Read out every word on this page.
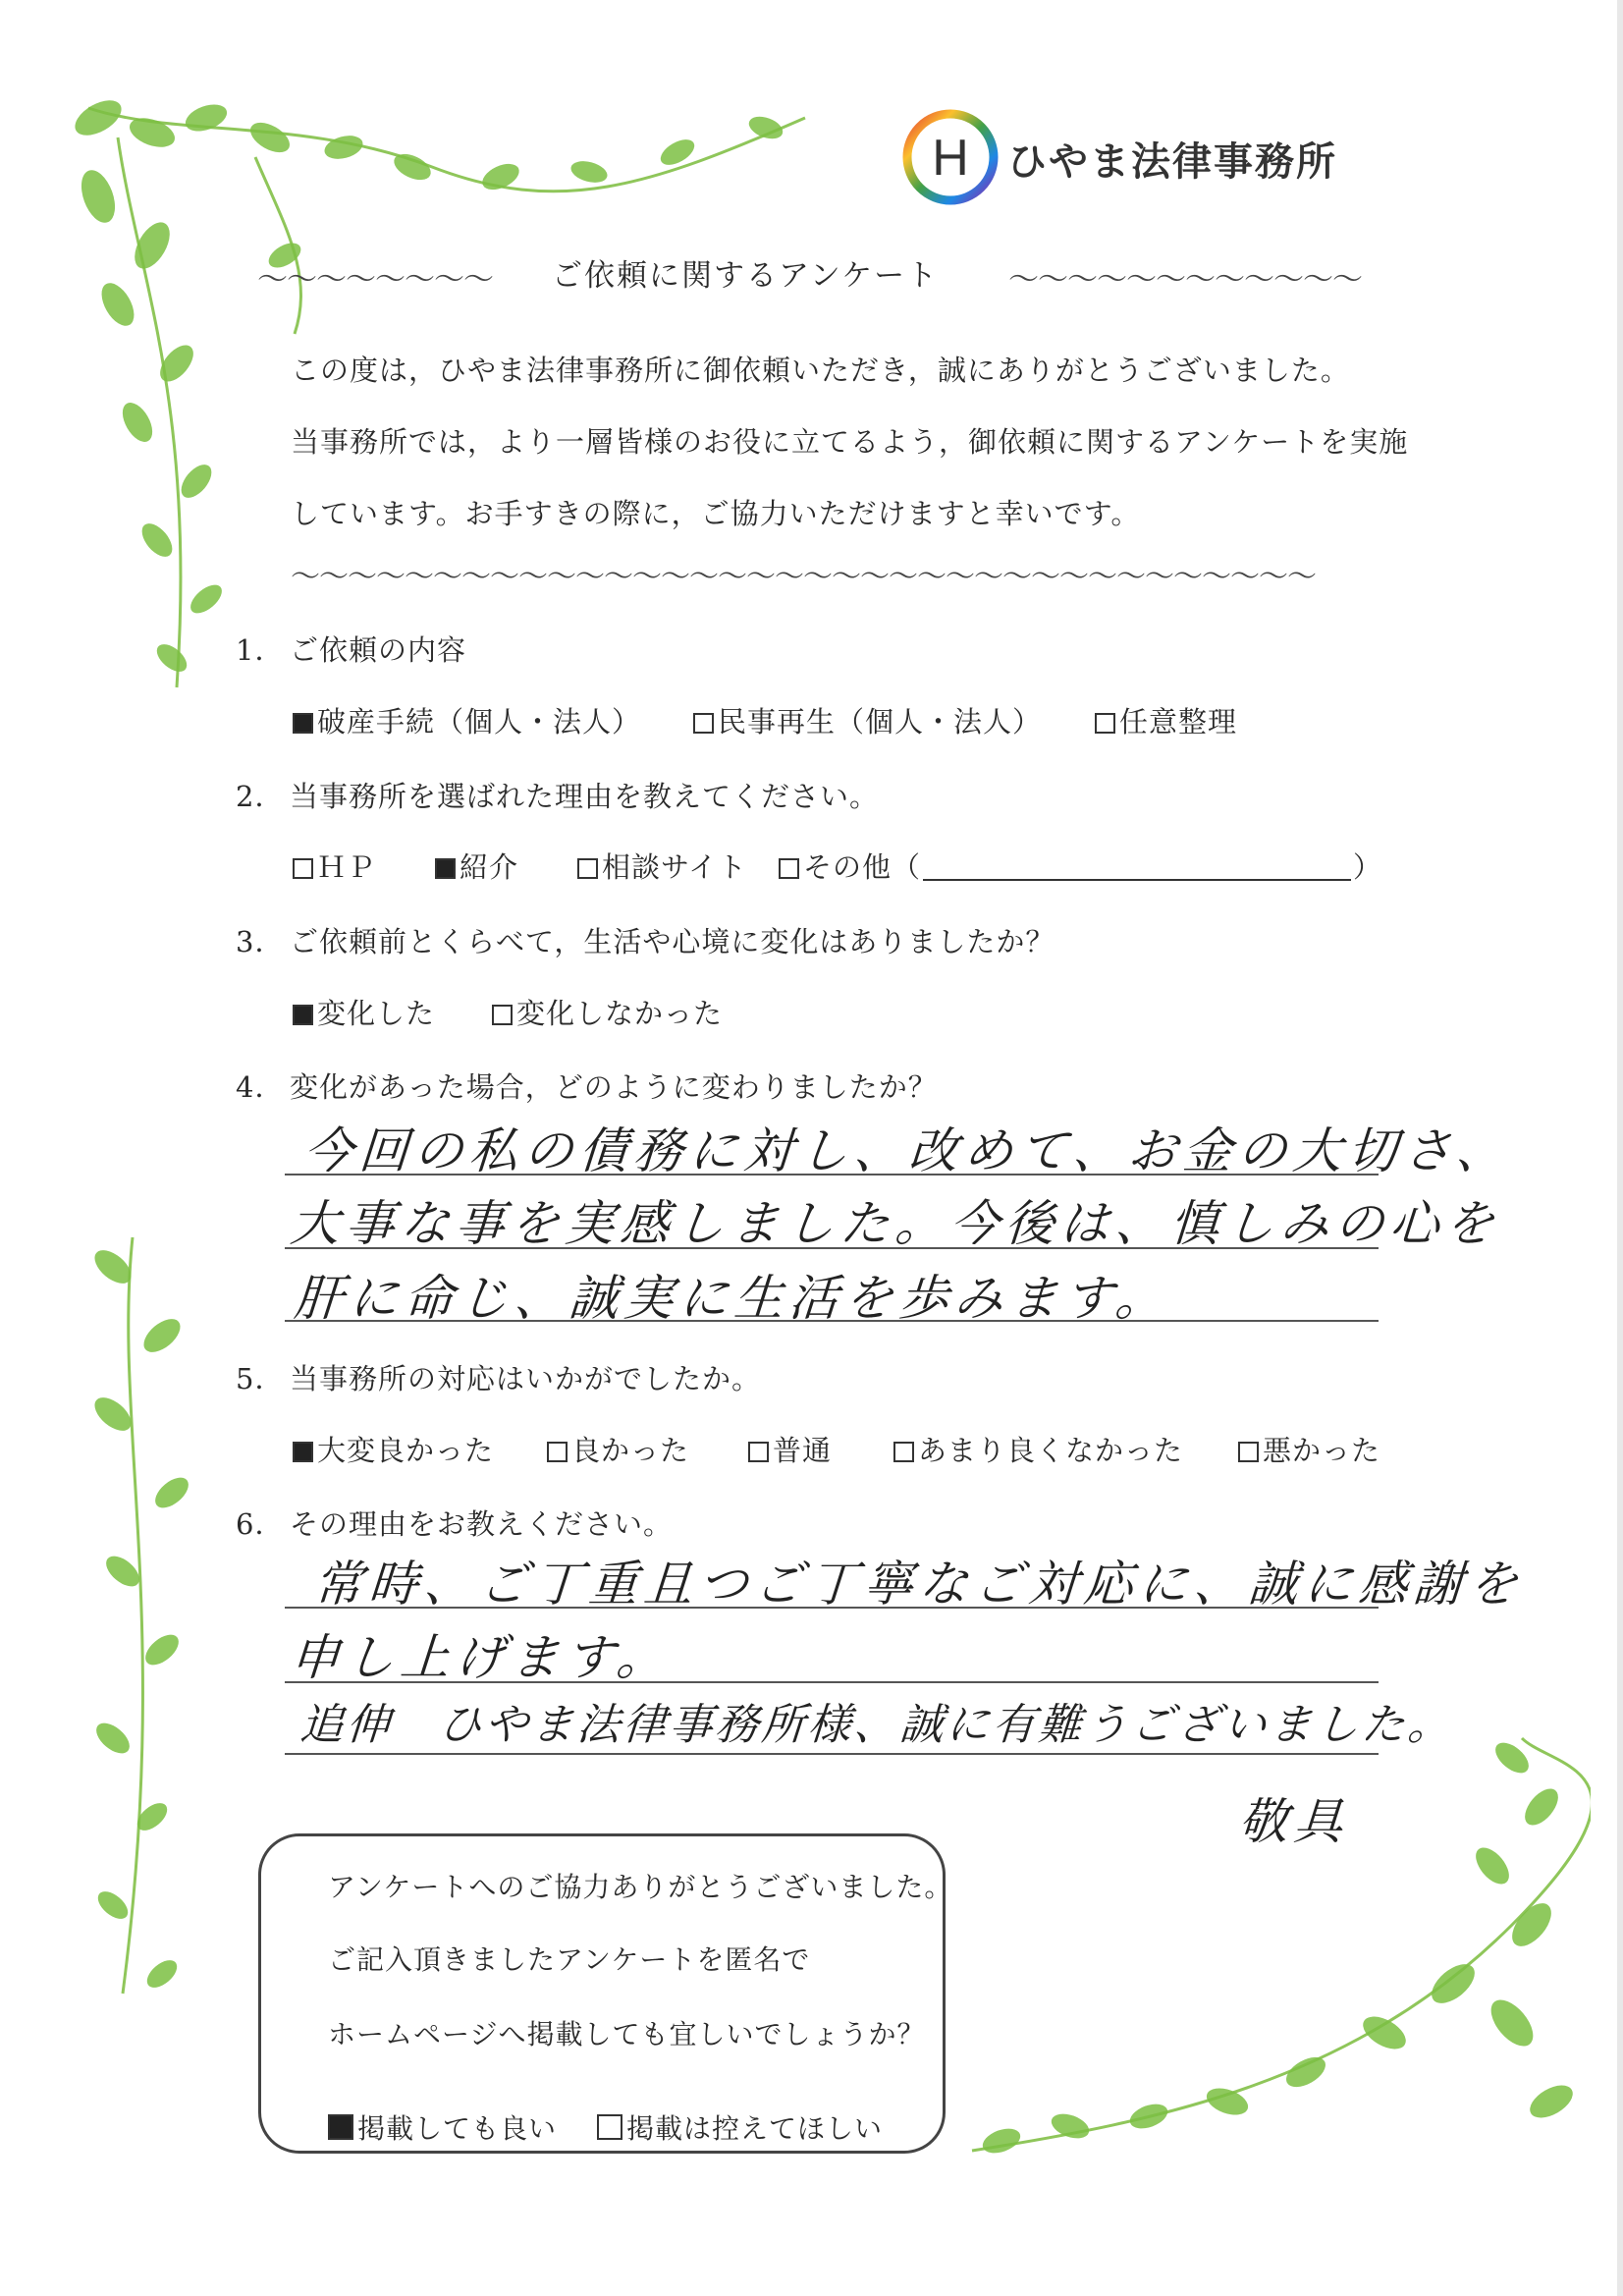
H ひやま法律事務所
〜〜〜〜〜〜〜〜 ご依頼に関するアンケート 〜〜〜〜〜〜〜〜〜〜〜〜
この度は，ひやま法律事務所に御依頼いただき，誠にありがとうございました。
当事務所では，より一層皆様のお役に立てるよう，御依頼に関するアンケートを実施
しています。お手すきの際に，ご協力いただけますと幸いです。
〜〜〜〜〜〜〜〜〜〜〜〜〜〜〜〜〜〜〜〜〜〜〜〜〜〜〜〜〜〜〜〜〜〜〜〜
1． ご依頼の内容
破産手続（個人・法人）	民事再生（個人・法人）	任意整理
2． 当事務所を選ばれた理由を教えてください。
ＨＰ	紹介	相談サイト	その他（	）
3． ご依頼前とくらべて，生活や心境に変化はありましたか？
変化した	変化しなかった
4． 変化があった場合，どのように変わりましたか？
今回の私の債務に対し、改めて、お金の大切さ、
大事な事を実感しました。今後は、慎しみの心を
肝に命じ、誠実に生活を歩みます。
5． 当事務所の対応はいかがでしたか。
大変良かった	良かった	普通	あまり良くなかった	悪かった
6． その理由をお教えください。
常時、ご丁重且つご丁寧なご対応に、誠に感謝を
申し上げます。
追伸　ひやま法律事務所様、誠に有難うございました。
敬具
アンケートへのご協力ありがとうございました。
ご記入頂きましたアンケートを匿名で
ホームページへ掲載しても宜しいでしょうか？
掲載しても良い	掲載は控えてほしい
